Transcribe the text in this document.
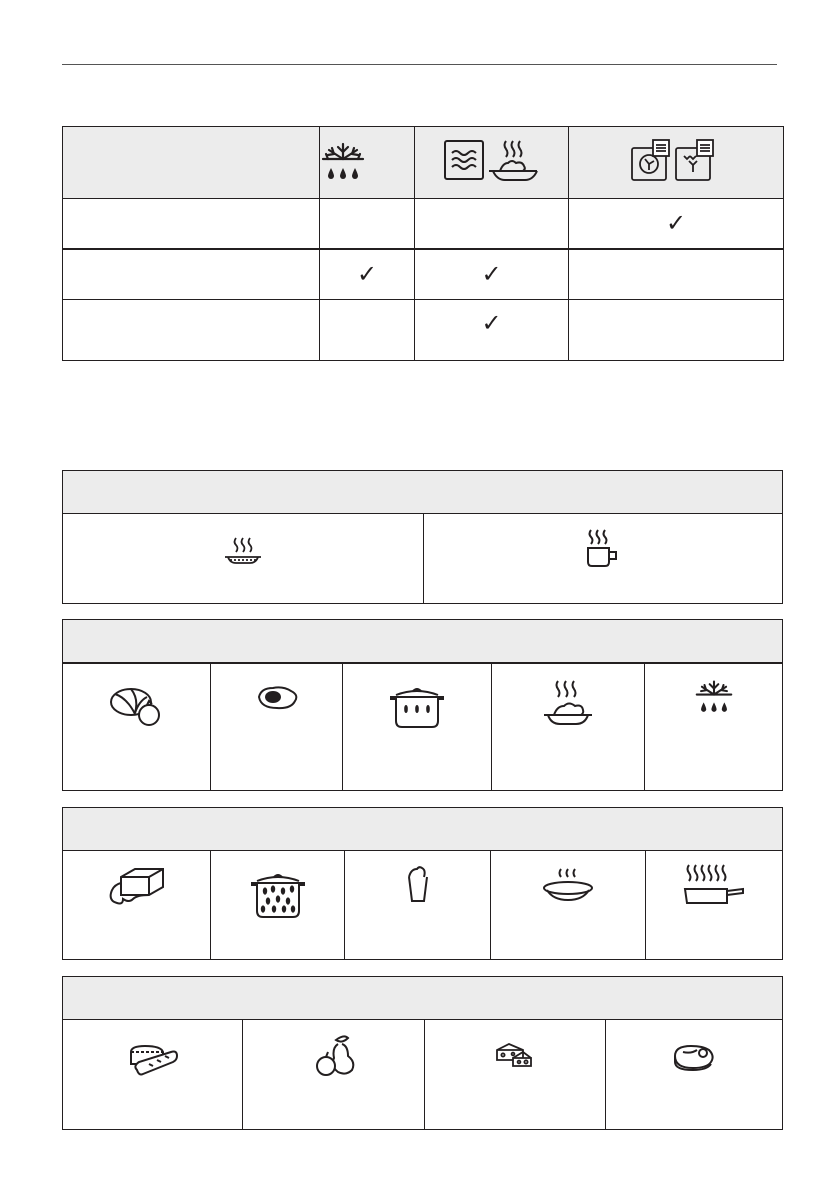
			✓
	✓	✓	
		✓	
